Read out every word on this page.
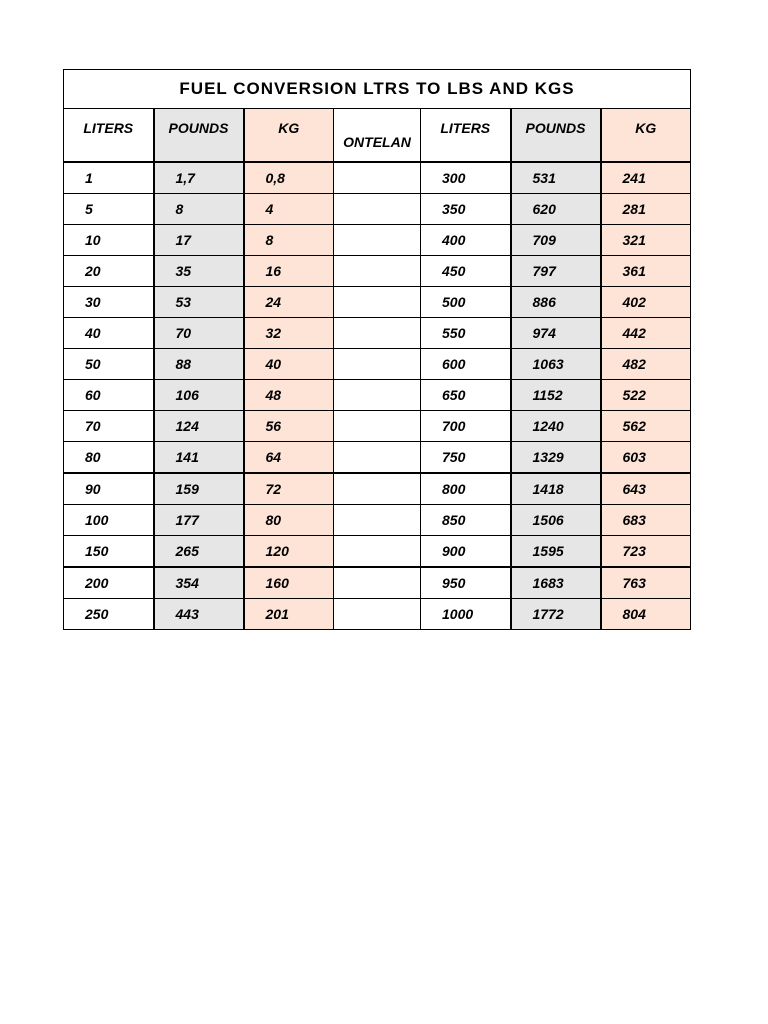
FUEL CONVERSION LTRS TO LBS AND KGS						
LITERS	POUNDS	KG	ONTELAN	LITERS	POUNDS	KG
1	1,7	0,8		300	531	241
5	8	4		350	620	281
10	17	8		400	709	321
20	35	16		450	797	361
30	53	24		500	886	402
40	70	32		550	974	442
50	88	40		600	1063	482
60	106	48		650	1152	522
70	124	56		700	1240	562
80	141	64		750	1329	603
90	159	72		800	1418	643
100	177	80		850	1506	683
150	265	120		900	1595	723
200	354	160		950	1683	763
250	443	201		1000	1772	804
